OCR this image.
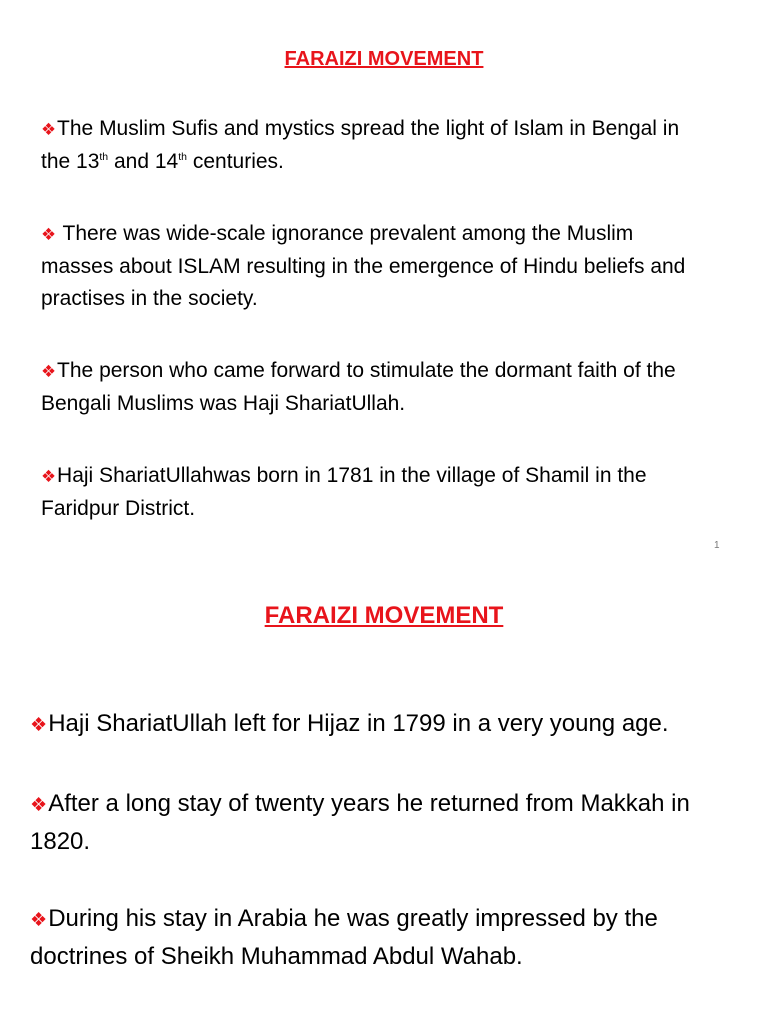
FARAIZI MOVEMENT

❖The Muslim Sufis and mystics spread the light of Islam in Bengal in the 13th and 14th centuries.

❖ There was wide-scale ignorance prevalent among the Muslim masses about ISLAM resulting in the emergence of Hindu beliefs and practises in the society.

❖The person who came forward to stimulate the dormant faith of the Bengali Muslims was Haji ShariatUllah.

❖Haji ShariatUllahwas born in 1781 in the village of Shamil in the Faridpur District.

1
FARAIZI MOVEMENT

❖Haji ShariatUllah left for Hijaz in 1799 in a very young age.

❖After a long stay of twenty years he returned from Makkah in 1820.

❖During his stay in Arabia he was greatly impressed by the doctrines of Sheikh Muhammad Abdul Wahab.
